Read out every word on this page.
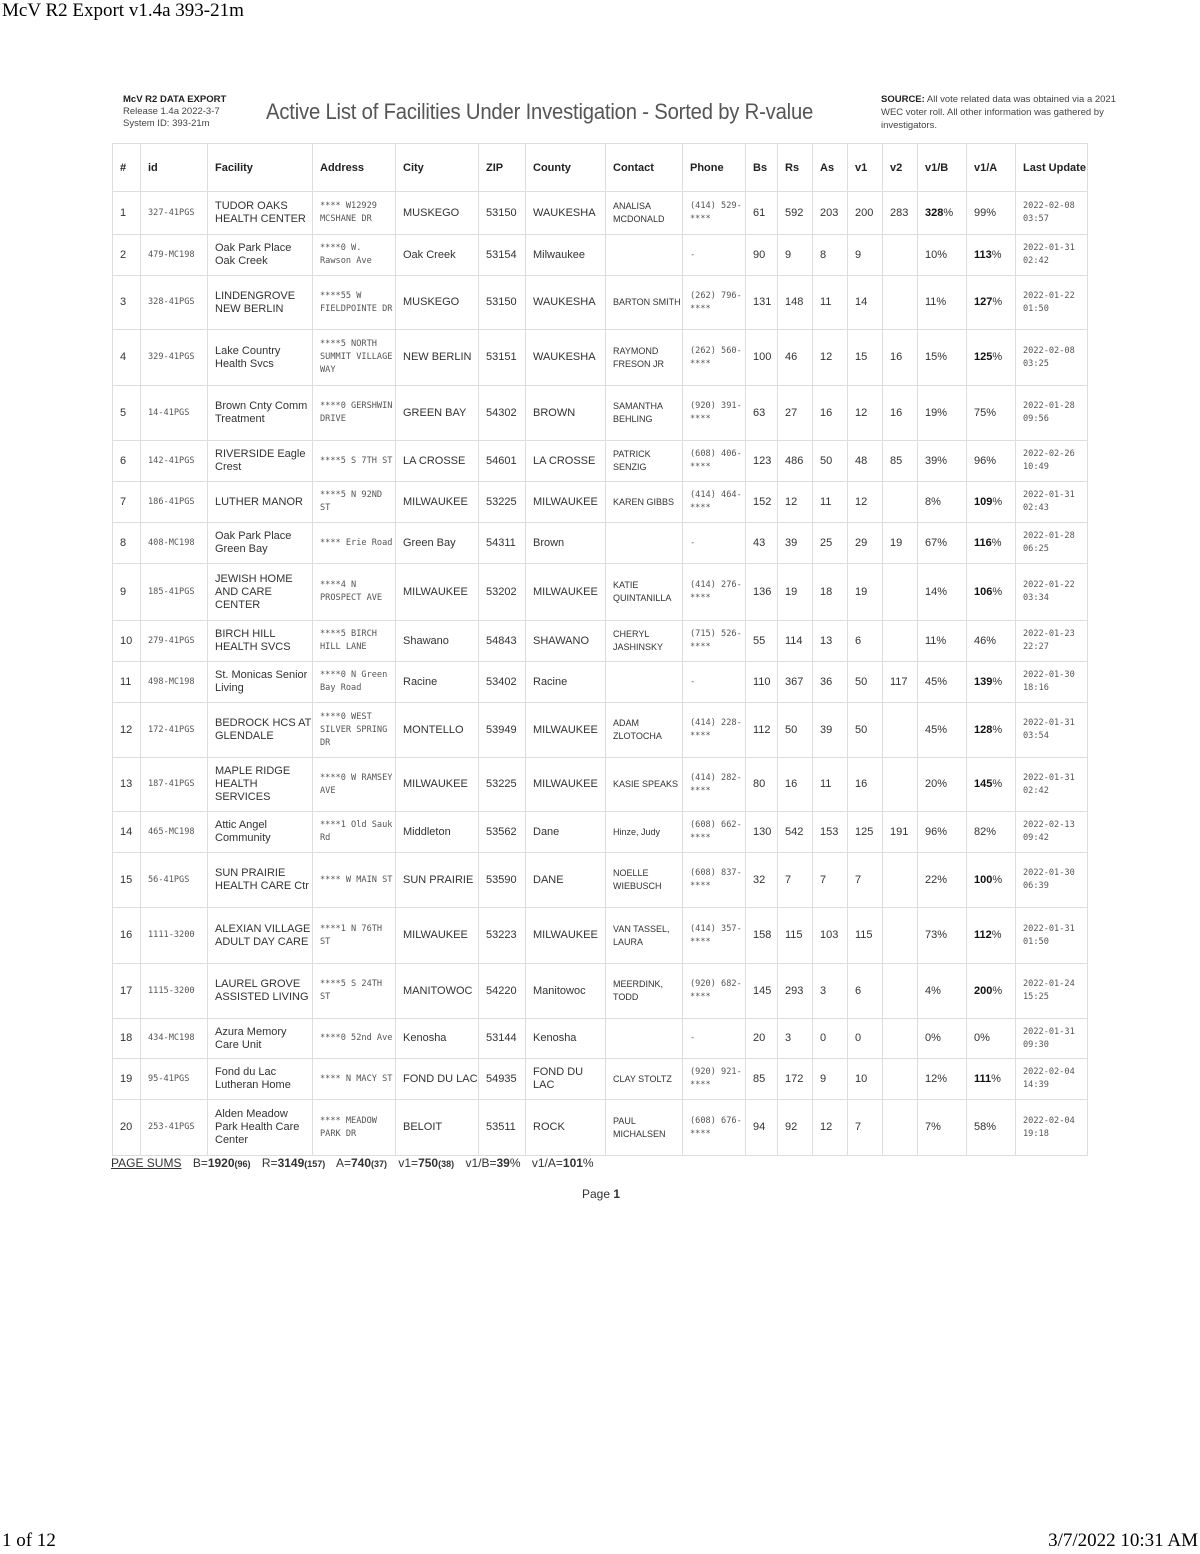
McV R2 Export v1.4a 393-21m
McV R2 DATA EXPORT
Release 1.4a 2022-3-7
System ID: 393-21m	Active List of Facilities Under Investigation - Sorted by R-value	SOURCE: All vote related data was obtained via a 2021 WEC voter roll. All other information was gathered by investigators.
#	id	Facility	Address	City	ZIP	County	Contact	Phone	Bs	Rs	As	v1	v2	v1/B	v1/A	Last Update
1	327-41PGS	TUDOR OAKS HEALTH CENTER	**** W12929 MCSHANE DR	MUSKEGO	53150	WAUKESHA	ANALISA MCDONALD	(414) 529-****	61	592	203	200	283	328%	99%	2022-02-08 03:57
2	479-MC198	Oak Park Place Oak Creek	****0 W. Rawson Ave	Oak Creek	53154	Milwaukee		-	90	9	8	9		10%	113%	2022-01-31 02:42
3	328-41PGS	LINDENGROVE NEW BERLIN	****55 W FIELDPOINTE DR	MUSKEGO	53150	WAUKESHA	BARTON SMITH	(262) 796-****	131	148	11	14		11%	127%	2022-01-22 01:50
4	329-41PGS	Lake Country Health Svcs	****5 NORTH SUMMIT VILLAGE WAY	NEW BERLIN	53151	WAUKESHA	RAYMOND FRESON JR	(262) 560-****	100	46	12	15	16	15%	125%	2022-02-08 03:25
5	14-41PGS	Brown Cnty Comm Treatment	****0 GERSHWIN DRIVE	GREEN BAY	54302	BROWN	SAMANTHA BEHLING	(920) 391-****	63	27	16	12	16	19%	75%	2022-01-28 09:56
6	142-41PGS	RIVERSIDE Eagle Crest	****5 S 7TH ST	LA CROSSE	54601	LA CROSSE	PATRICK SENZIG	(608) 406-****	123	486	50	48	85	39%	96%	2022-02-26 10:49
7	186-41PGS	LUTHER MANOR	****5 N 92ND ST	MILWAUKEE	53225	MILWAUKEE	KAREN GIBBS	(414) 464-****	152	12	11	12		8%	109%	2022-01-31 02:43
8	408-MC198	Oak Park Place Green Bay	**** Erie Road	Green Bay	54311	Brown		-	43	39	25	29	19	67%	116%	2022-01-28 06:25
9	185-41PGS	JEWISH HOME AND CARE CENTER	****4 N PROSPECT AVE	MILWAUKEE	53202	MILWAUKEE	KATIE QUINTANILLA	(414) 276-****	136	19	18	19		14%	106%	2022-01-22 03:34
10	279-41PGS	BIRCH HILL HEALTH SVCS	****5 BIRCH HILL LANE	Shawano	54843	SHAWANO	CHERYL JASHINSKY	(715) 526-****	55	114	13	6		11%	46%	2022-01-23 22:27
11	498-MC198	St. Monicas Senior Living	****0 N Green Bay Road	Racine	53402	Racine		-	110	367	36	50	117	45%	139%	2022-01-30 18:16
12	172-41PGS	BEDROCK HCS AT GLENDALE	****0 WEST SILVER SPRING DR	MONTELLO	53949	MILWAUKEE	ADAM ZLOTOCHA	(414) 228-****	112	50	39	50		45%	128%	2022-01-31 03:54
13	187-41PGS	MAPLE RIDGE HEALTH SERVICES	****0 W RAMSEY AVE	MILWAUKEE	53225	MILWAUKEE	KASIE SPEAKS	(414) 282-****	80	16	11	16		20%	145%	2022-01-31 02:42
14	465-MC198	Attic Angel Community	****1 Old Sauk Rd	Middleton	53562	Dane	Hinze, Judy	(608) 662-****	130	542	153	125	191	96%	82%	2022-02-13 09:42
15	56-41PGS	SUN PRAIRIE HEALTH CARE Ctr	**** W MAIN ST	SUN PRAIRIE	53590	DANE	NOELLE WIEBUSCH	(608) 837-****	32	7	7	7		22%	100%	2022-01-30 06:39
16	1111-3200	ALEXIAN VILLAGE ADULT DAY CARE	****1 N 76TH ST	MILWAUKEE	53223	MILWAUKEE	VAN TASSEL, LAURA	(414) 357-****	158	115	103	115		73%	112%	2022-01-31 01:50
17	1115-3200	LAUREL GROVE ASSISTED LIVING	****5 S 24TH ST	MANITOWOC	54220	Manitowoc	MEERDINK, TODD	(920) 682-****	145	293	3	6		4%	200%	2022-01-24 15:25
18	434-MC198	Azura Memory Care Unit	****0 52nd Ave	Kenosha	53144	Kenosha		-	20	3	0	0		0%	0%	2022-01-31 09:30
19	95-41PGS	Fond du Lac Lutheran Home	**** N MACY ST	FOND DU LAC	54935	FOND DU LAC	CLAY STOLTZ	(920) 921-****	85	172	9	10		12%	111%	2022-02-04 14:39
20	253-41PGS	Alden Meadow Park Health Care Center	**** MEADOW PARK DR	BELOIT	53511	ROCK	PAUL MICHALSEN	(608) 676-****	94	92	12	7		7%	58%	2022-02-04 19:18
PAGE SUMS B=1920(96) R=3149(157) A=740(37) v1=750(38) v1/B=39% v1/A=101%
Page 1
1 of 12	3/7/2022 10:31 AM
